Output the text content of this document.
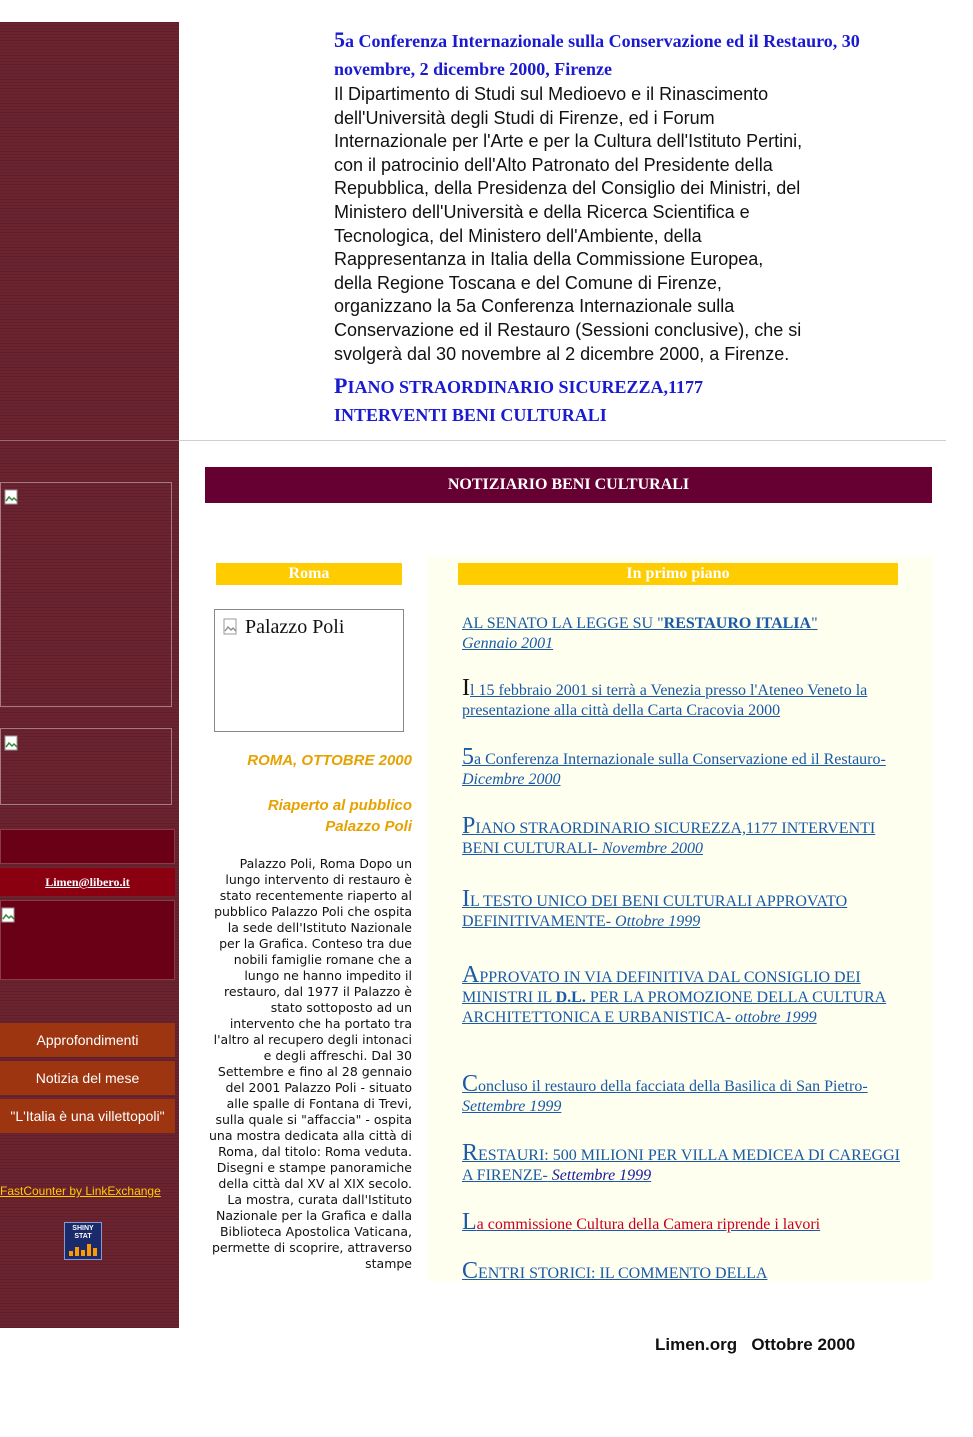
Limen@libero.it
Approfondimenti
Notizia del mese
"L'Italia è una villettopoli"
FastCounter by LinkExchange
SHINY STAT
5a Conferenza Internazionale sulla Conservazione ed il Restauro, 30 novembre, 2 dicembre 2000, Firenze
Il Dipartimento di Studi sul Medioevo e il Rinascimento
dell'Università degli Studi di Firenze, ed i Forum
Internazionale per l'Arte e per la Cultura dell'Istituto Pertini,
con il patrocinio dell'Alto Patronato del Presidente della
Repubblica, della Presidenza del Consiglio dei Ministri, del
Ministero dell'Università e della Ricerca Scientifica e
Tecnologica, del Ministero dell'Ambiente, della
Rappresentanza in Italia della Commissione Europea,
della Regione Toscana e del Comune di Firenze,
organizzano la 5a Conferenza Internazionale sulla
Conservazione ed il Restauro (Sessioni conclusive), che si
svolgerà dal 30 novembre al 2 dicembre 2000, a Firenze.
PIANO STRAORDINARIO SICUREZZA,1177
INTERVENTI BENI CULTURALI
NOTIZIARIO BENI CULTURALI
Roma
Palazzo Poli
ROMA, OTTOBRE 2000
Riaperto al pubblico Palazzo Poli
Palazzo Poli, Roma Dopo un lungo intervento di restauro è stato recentemente riaperto al pubblico Palazzo Poli che ospita la sede dell'Istituto Nazionale per la Grafica. Conteso tra due nobili famiglie romane che a lungo ne hanno impedito il restauro, dal 1977 il Palazzo è stato sottoposto ad un intervento che ha portato tra l'altro al recupero degli intonaci e degli affreschi. Dal 30 Settembre e fino al 28 gennaio del 2001 Palazzo Poli - situato alle spalle di Fontana di Trevi, sulla quale si "affaccia" - ospita una mostra dedicata alla città di Roma, dal titolo: Roma veduta. Disegni e stampe panoramiche della città dal XV al XIX secolo. La mostra, curata dall'Istituto Nazionale per la Grafica e dalla Biblioteca Apostolica Vaticana, permette di scoprire, attraverso stampe
In primo piano
AL SENATO LA LEGGE SU "RESTAURO ITALIA"
Gennaio 2001
Il 15 febbraio 2001 si terrà a Venezia presso l'Ateneo Veneto la presentazione alla città della Carta Cracovia 2000
5a Conferenza Internazionale sulla Conservazione ed il Restauro- Dicembre 2000
PIANO STRAORDINARIO SICUREZZA,1177 INTERVENTI BENI CULTURALI- Novembre 2000
IL TESTO UNICO DEI BENI CULTURALI APPROVATO DEFINITIVAMENTE- Ottobre 1999
APPROVATO IN VIA DEFINITIVA DAL CONSIGLIO DEI MINISTRI IL D.L. PER LA PROMOZIONE DELLA CULTURA ARCHITETTONICA E URBANISTICA- ottobre 1999
Concluso il restauro della facciata della Basilica di San Pietro- Settembre 1999
RESTAURI: 500 MILIONI PER VILLA MEDICEA DI CAREGGI A FIRENZE- Settembre 1999
La commissione Cultura della Camera riprende i lavori
CENTRI STORICI: IL COMMENTO DELLA
Limen.org   Ottobre 2000
